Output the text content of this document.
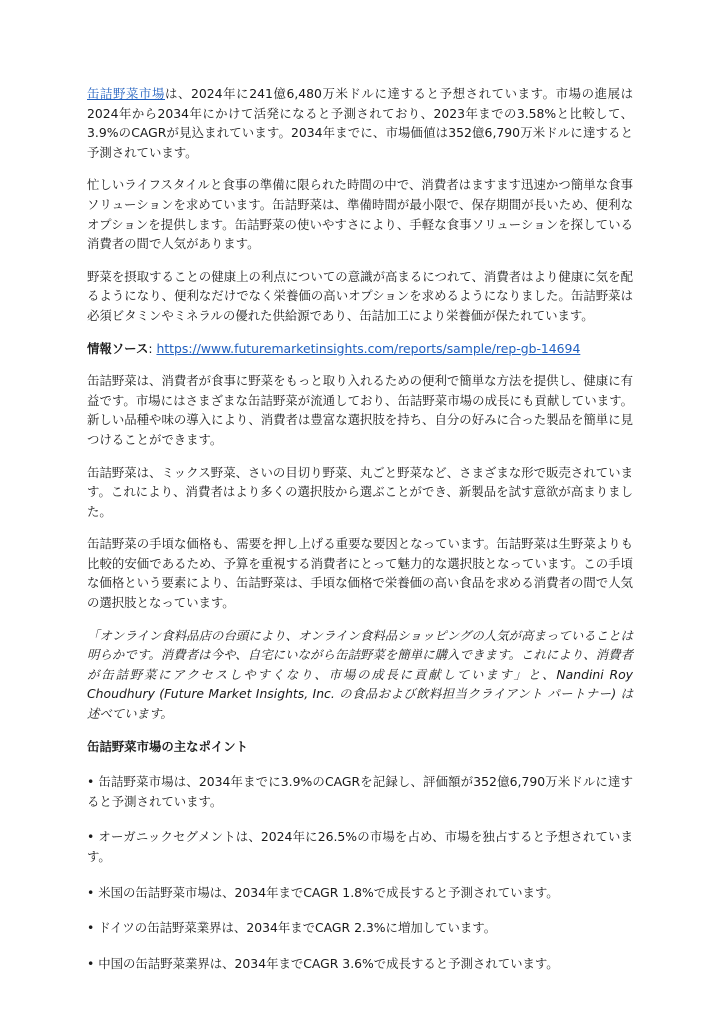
缶詰野菜市場は、2024年に241億6,480万米ドルに達すると予想されています。市場の進展は2024年から2034年にかけて活発になると予測されており、2023年までの3.58%と比較して、3.9%のCAGRが見込まれています。2034年までに、市場価値は352億6,790万米ドルに達すると予測されています。

忙しいライフスタイルと食事の準備に限られた時間の中で、消費者はますます迅速かつ簡単な食事ソリューションを求めています。缶詰野菜は、準備時間が最小限で、保存期間が長いため、便利なオプションを提供します。缶詰野菜の使いやすさにより、手軽な食事ソリューションを探している消費者の間で人気があります。

野菜を摂取することの健康上の利点についての意識が高まるにつれて、消費者はより健康に気を配るようになり、便利なだけでなく栄養価の高いオプションを求めるようになりました。缶詰野菜は必須ビタミンやミネラルの優れた供給源であり、缶詰加工により栄養価が保たれています。

情報ソース: https://www.futuremarketinsights.com/reports/sample/rep-gb-14694

缶詰野菜は、消費者が食事に野菜をもっと取り入れるための便利で簡単な方法を提供し、健康に有益です。市場にはさまざまな缶詰野菜が流通しており、缶詰野菜市場の成長にも貢献しています。新しい品種や味の導入により、消費者は豊富な選択肢を持ち、自分の好みに合った製品を簡単に見つけることができます。

缶詰野菜は、ミックス野菜、さいの目切り野菜、丸ごと野菜など、さまざまな形で販売されています。これにより、消費者はより多くの選択肢から選ぶことができ、新製品を試す意欲が高まりました。

缶詰野菜の手頃な価格も、需要を押し上げる重要な要因となっています。缶詰野菜は生野菜よりも比較的安価であるため、予算を重視する消費者にとって魅力的な選択肢となっています。この手頃な価格という要素により、缶詰野菜は、手頃な価格で栄養価の高い食品を求める消費者の間で人気の選択肢となっています。

「オンライン食料品店の台頭により、オンライン食料品ショッピングの人気が高まっていることは明らかです。消費者は今や、自宅にいながら缶詰野菜を簡単に購入できます。これにより、消費者が缶詰野菜にアクセスしやすくなり、市場の成長に貢献しています」と、Nandini Roy Choudhury (Future Market Insights, Inc. の食品および飲料担当クライアント パートナー) は述べています。

缶詰野菜市場の主なポイント

• 缶詰野菜市場は、2034年までに3.9%のCAGRを記録し、評価額が352億6,790万米ドルに達すると予測されています。

• オーガニックセグメントは、2024年に26.5%の市場を占め、市場を独占すると予想されています。

• 米国の缶詰野菜市場は、2034年までCAGR 1.8%で成長すると予測されています。

• ドイツの缶詰野菜業界は、2034年までCAGR 2.3%に増加しています。

• 中国の缶詰野菜業界は、2034年までCAGR 3.6%で成長すると予測されています。
